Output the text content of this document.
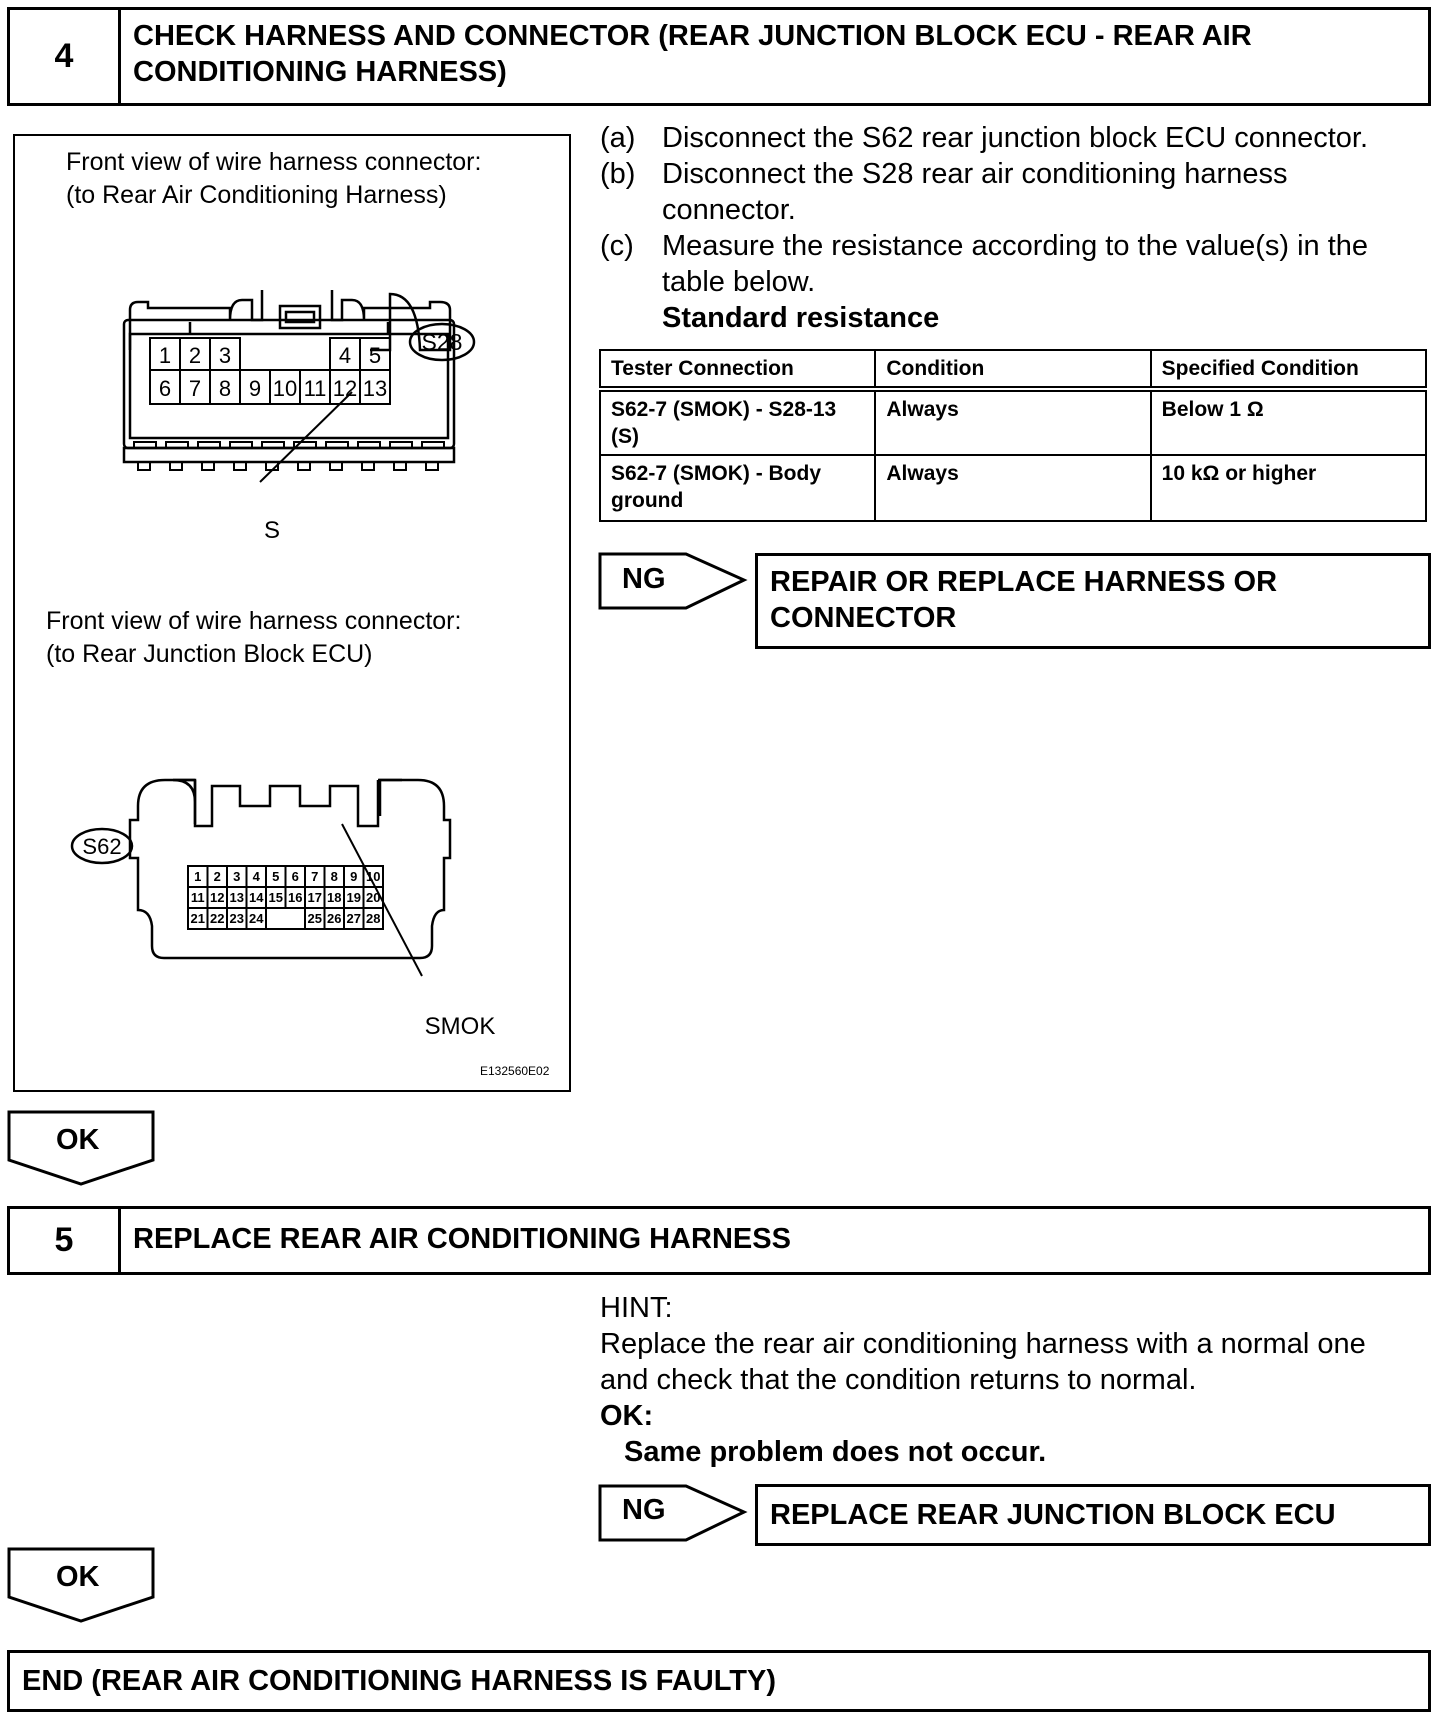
4
CHECK HARNESS AND CONNECTOR (REAR JUNCTION BLOCK ECU - REAR AIR
CONDITIONING HARNESS)
Front view of wire harness connector:
(to Rear Air Conditioning Harness)
1 2 3	4 5
6 7 8 9 10 11 12 13
S28
S
Front view of wire harness connector:
(to Rear Junction Block ECU)
1 2 3 4 5 6 7 8 9 10
11 12 13 14 15 16 17 18 19 20
21 22 23 24	25 26 27 28
S62
SMOK
E132560E02
(a) Disconnect the S62 rear junction block ECU connector.
(b) Disconnect the S28 rear air conditioning harness
connector.
(c) Measure the resistance according to the value(s) in the
table below.
Standard resistance
Tester Connection	Condition	Specified Condition
S62-7 (SMOK) - S28-13 (S)	Always	Below 1 Ω
S62-7 (SMOK) - Body ground	Always	10 kΩ or higher
NG	REPAIR OR REPLACE HARNESS OR
CONNECTOR
OK
5	REPLACE REAR AIR CONDITIONING HARNESS
HINT:
Replace the rear air conditioning harness with a normal one
and check that the condition returns to normal.
OK:
Same problem does not occur.
NG	REPLACE REAR JUNCTION BLOCK ECU
OK
END (REAR AIR CONDITIONING HARNESS IS FAULTY)
